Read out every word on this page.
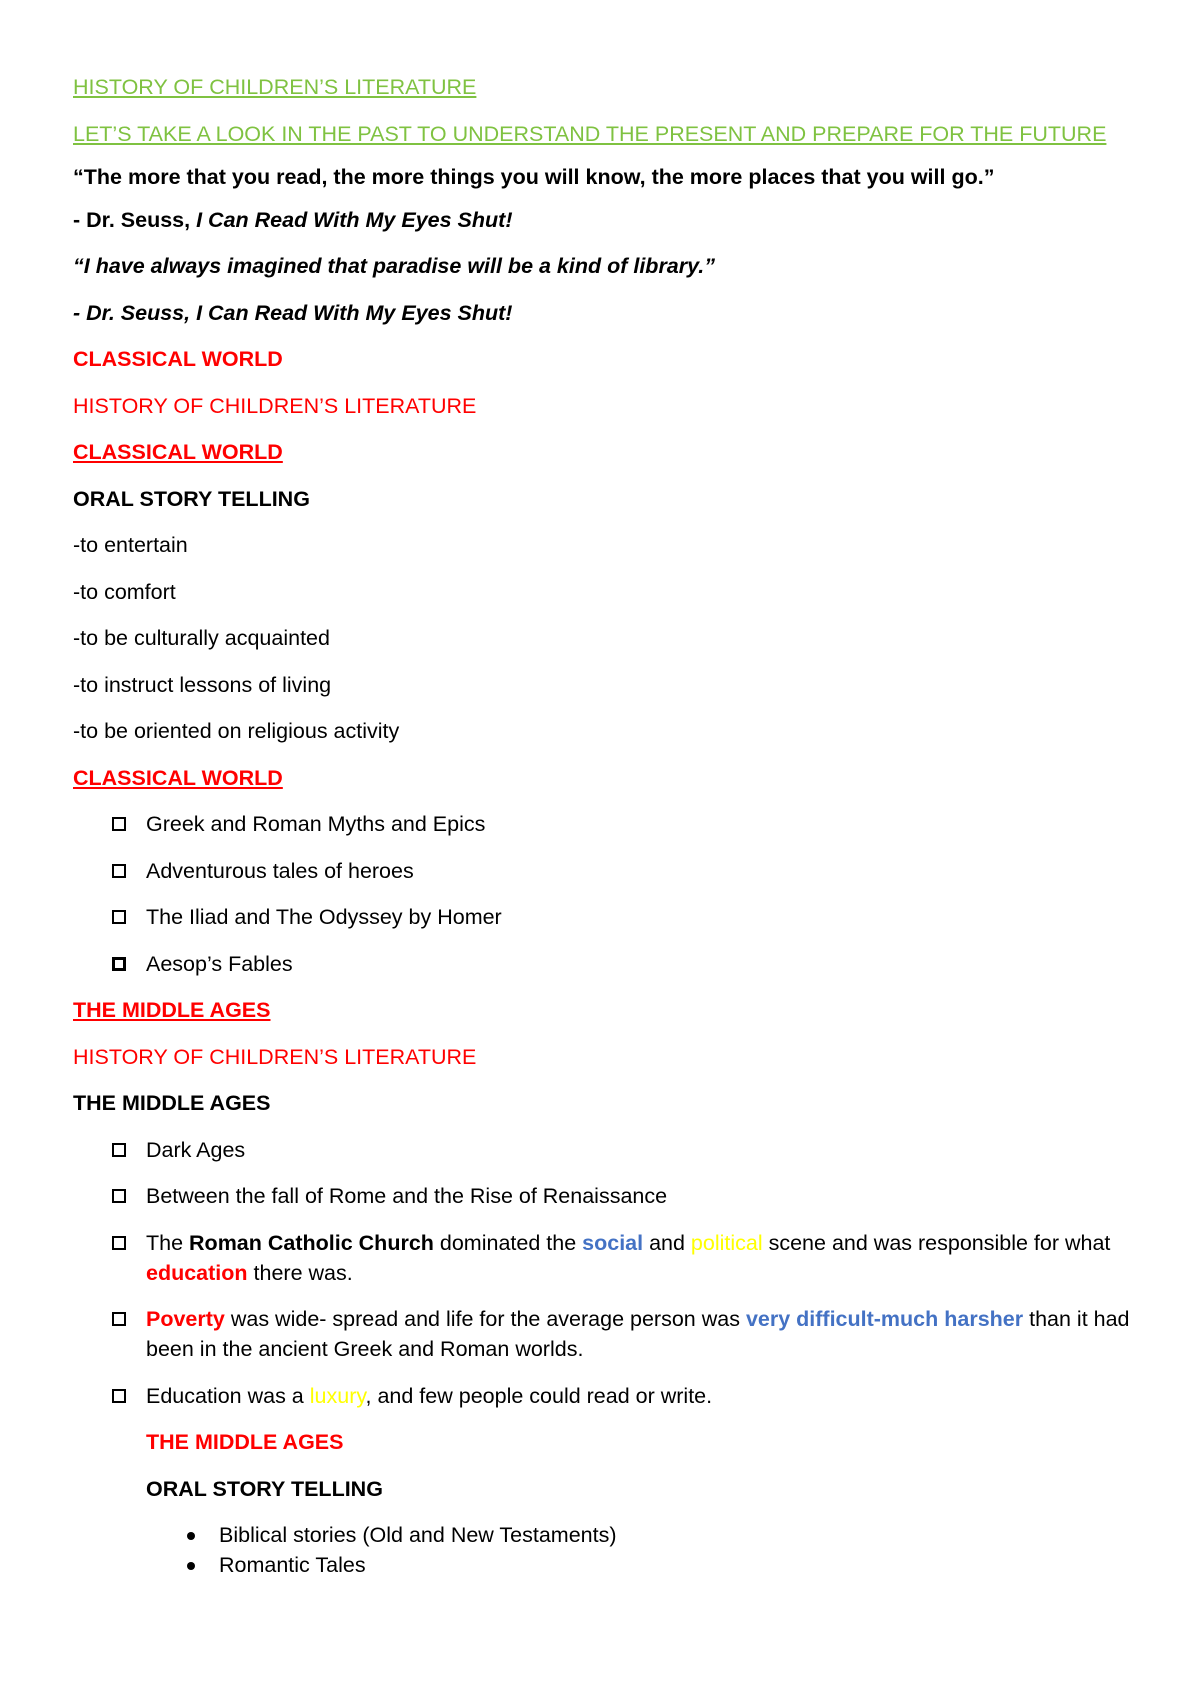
HISTORY OF CHILDREN’S LITERATURE

LET’S TAKE A LOOK IN THE PAST TO UNDERSTAND THE PRESENT AND PREPARE FOR THE FUTURE

“The more that you read, the more things you will know, the more places that you will go.”

- Dr. Seuss, I Can Read With My Eyes Shut!

“I have always imagined that paradise will be a kind of library.”

- Dr. Seuss, I Can Read With My Eyes Shut!

CLASSICAL WORLD

HISTORY OF CHILDREN’S LITERATURE

CLASSICAL WORLD

ORAL STORY TELLING

-to entertain

-to comfort

-to be culturally acquainted

-to instruct lessons of living

-to be oriented on religious activity

CLASSICAL WORLD

Greek and Roman Myths and Epics
Adventurous tales of heroes
The Iliad and The Odyssey by Homer
Aesop’s Fables

THE MIDDLE AGES

HISTORY OF CHILDREN’S LITERATURE

THE MIDDLE AGES

Dark Ages
Between the fall of Rome and the Rise of Renaissance
The Roman Catholic Church dominated the social and political scene and was responsible for what education there was.
Poverty was wide- spread and life for the average person was very difficult-much harsher than it had been in the ancient Greek and Roman worlds.
Education was a luxury, and few people could read or write.

THE MIDDLE AGES

ORAL STORY TELLING

Biblical stories (Old and New Testaments)
Romantic Tales
